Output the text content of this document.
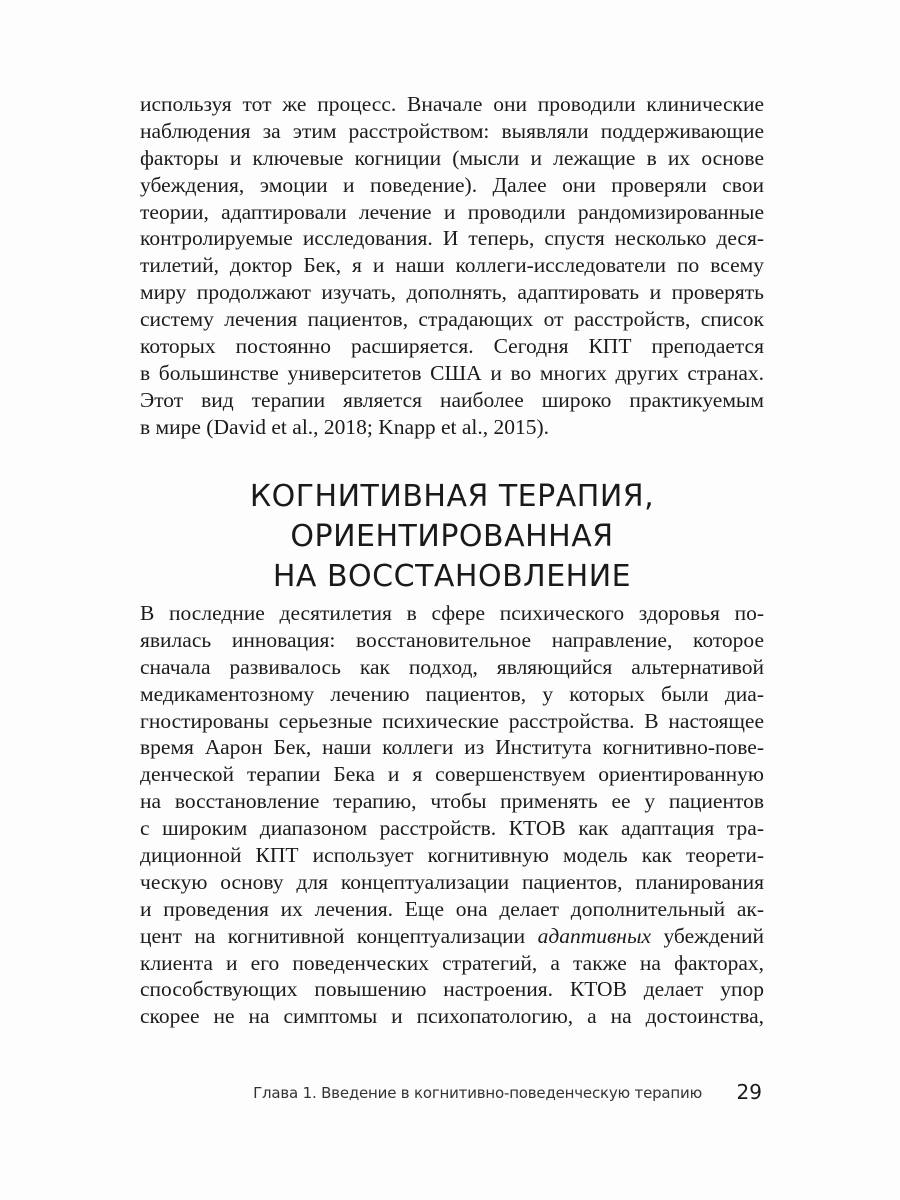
используя тот же процесс. Вначале они проводили клинические
наблюдения за этим расстройством: выявляли поддерживающие
факторы и ключевые когниции (мысли и лежащие в их основе
убеждения, эмоции и поведение). Далее они проверяли свои
теории, адаптировали лечение и проводили рандомизированные
контролируемые исследования. И теперь, спустя несколько деся-
тилетий, доктор Бек, я и наши коллеги-исследователи по всему
миру продолжают изучать, дополнять, адаптировать и проверять
систему лечения пациентов, страдающих от расстройств, список
которых постоянно расширяется. Сегодня КПТ преподается
в большинстве университетов США и во многих других странах.
Этот вид терапии является наиболее широко практикуемым
в мире (David et al., 2018; Knapp et al., 2015).
КОГНИТИВНАЯ ТЕРАПИЯ,
ОРИЕНТИРОВАННАЯ
НА ВОССТАНОВЛЕНИЕ
В последние десятилетия в сфере психического здоровья по-
явилась инновация: восстановительное направление, которое
сначала развивалось как подход, являющийся альтернативой
медикаментозному лечению пациентов, у которых были диа-
гностированы серьезные психические расстройства. В настоящее
время Аарон Бек, наши коллеги из Института когнитивно-пове-
денческой терапии Бека и я совершенствуем ориентированную
на восстановление терапию, чтобы применять ее у пациентов
с широким диапазоном расстройств. КТОВ как адаптация тра-
диционной КПТ использует когнитивную модель как теорети-
ческую основу для концептуализации пациентов, планирования
и проведения их лечения. Еще она делает дополнительный ак-
цент на когнитивной концептуализации адаптивных убеждений
клиента и его поведенческих стратегий, а также на факторах,
способствующих повышению настроения. КТОВ делает упор
скорее не на симптомы и психопатологию, а на достоинства,
Глава 1. Введение в когнитивно-поведенческую терапию 29
